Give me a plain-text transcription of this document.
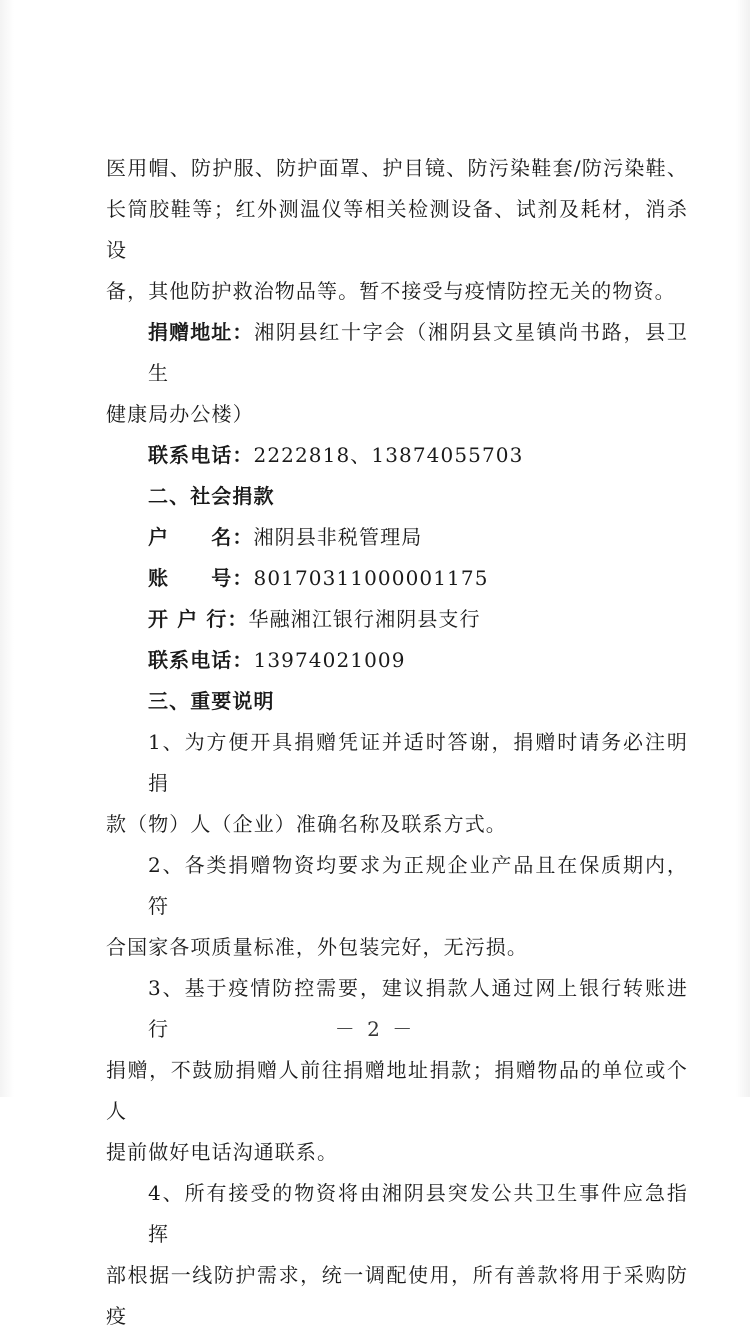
医用帽、防护服、防护面罩、护目镜、防污染鞋套/防污染鞋、

长筒胶鞋等；红外测温仪等相关检测设备、试剂及耗材，消杀设

备，其他防护救治物品等。暂不接受与疫情防控无关的物资。

捐赠地址：湘阴县红十字会（湘阴县文星镇尚书路，县卫生

健康局办公楼）

联系电话：2222818、13874055703

二、社会捐款

户　　名：湘阴县非税管理局

账　　号：80170311000001175

开 户 行：华融湘江银行湘阴县支行

联系电话：13974021009

三、重要说明

1、为方便开具捐赠凭证并适时答谢，捐赠时请务必注明捐

款（物）人（企业）准确名称及联系方式。

2、各类捐赠物资均要求为正规企业产品且在保质期内，符

合国家各项质量标准，外包装完好，无污损。

3、基于疫情防控需要，建议捐款人通过网上银行转账进行

捐赠，不鼓励捐赠人前往捐赠地址捐款；捐赠物品的单位或个人

提前做好电话沟通联系。

4、所有接受的物资将由湘阴县突发公共卫生事件应急指挥

部根据一线防护需求，统一调配使用，所有善款将用于采购防疫

－ 2 －
